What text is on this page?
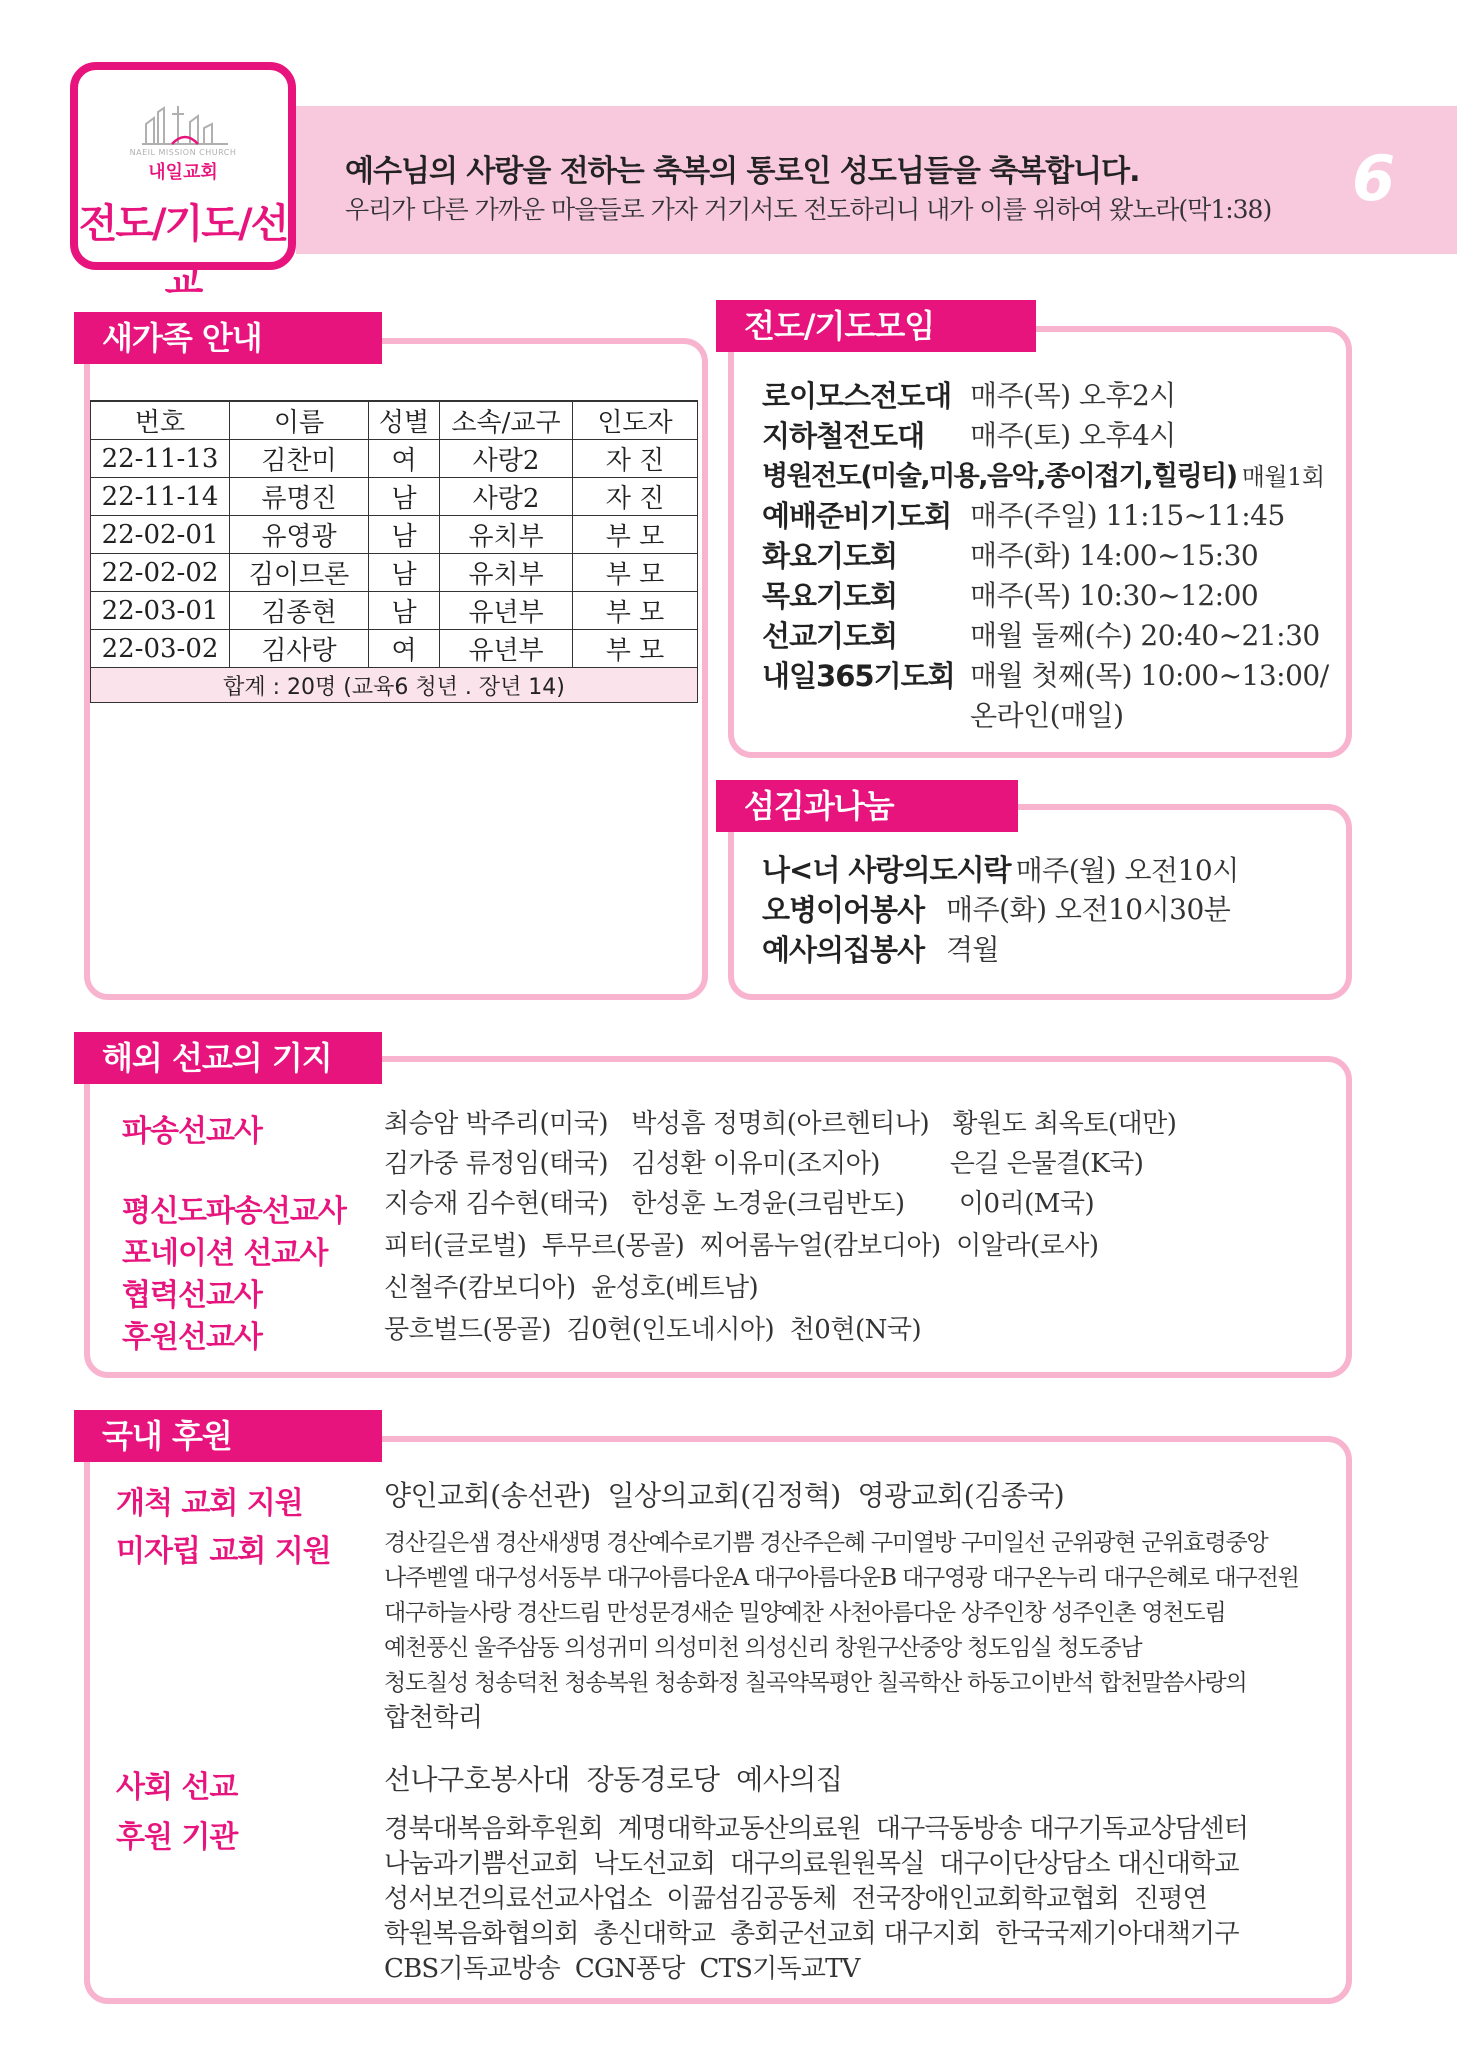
NAEIL MISSION CHURCH
내일교회
전도/기도/선교
예수님의 사랑을 전하는 축복의 통로인 성도님들을 축복합니다.
우리가 다른 가까운 마을들로 가자 거기서도 전도하리니 내가 이를 위하여 왔노라(막1:38) 6
새가족 안내
번호	이름	성별	소속/교구	인도자
22-11-13	김찬미	여	사랑2	자 진
22-11-14	류명진	남	사랑2	자 진
22-02-01	유영광	남	유치부	부 모
22-02-02	김이므론	남	유치부	부 모
22-03-01	김종현	남	유년부	부 모
22-03-02	김사랑	여	유년부	부 모
합계 : 20명 (교육6 청년 . 장년 14)				
전도/기도모임
로이모스전도대 매주(목) 오후2시
지하철전도대 매주(토) 오후4시
병원전도(미술,미용,음악,종이접기,힐링티) 매월1회
예배준비기도회 매주(주일) 11:15~11:45
화요기도회	매주(화) 14:00~15:30
목요기도회	매주(목) 10:30~12:00
선교기도회	매월 둘째(수) 20:40~21:30
내일365기도회 매월 첫째(목) 10:00~13:00/
온라인(매일)
섬김과나눔
나<너 사랑의도시락 매주(월) 오전10시
오병이어봉사 매주(화) 오전10시30분
예사의집봉사 격월
해외 선교의 기지
파송선교사	최승암 박주리(미국)   박성흠 정명희(아르헨티나)   황원도 최옥토(대만)
김가중 류정임(태국)   김성환 이유미(조지아)         은길 은물결(K국)
평신도파송선교사 지승재 김수현(태국)   한성훈 노경윤(크림반도)       이0리(M국)
포네이션 선교사 피터(글로벌)  투무르(몽골)  찌어롬누얼(캄보디아)  이알라(로사)
협력선교사	신철주(캄보디아)  윤성호(베트남)
후원선교사	뭉흐벌드(몽골)  김0현(인도네시아)  천0현(N국)
국내 후원
개척 교회 지원	양인교회(송선관)  일상의교회(김정혁)  영광교회(김종국)
미자립 교회 지원 경산길은샘 경산새생명 경산예수로기쁨 경산주은혜 구미열방 구미일선 군위광현 군위효령중앙
나주벧엘 대구성서동부 대구아름다운A 대구아름다운B 대구영광 대구온누리 대구은혜로 대구전원
대구하늘사랑 경산드림 만성문경새순 밀양예찬 사천아름다운 상주인창 성주인촌 영천도림
예천풍신 울주삼동 의성귀미 의성미천 의성신리 창원구산중앙 청도임실 청도중남
청도칠성 청송덕천 청송복원 청송화정 칠곡약목평안 칠곡학산 하동고이반석 합천말씀사랑의
합천학리
사회 선교	선나구호봉사대  장동경로당  예사의집
후원 기관	경북대복음화후원회  계명대학교동산의료원  대구극동방송 대구기독교상담센터
나눔과기쁨선교회  낙도선교회  대구의료원원목실  대구이단상담소 대신대학교
성서보건의료선교사업소  이끎섬김공동체  전국장애인교회학교협회  진평연
학원복음화협의회  총신대학교  총회군선교회 대구지회  한국국제기아대책기구
CBS기독교방송  CGN퐁당  CTS기독교TV
